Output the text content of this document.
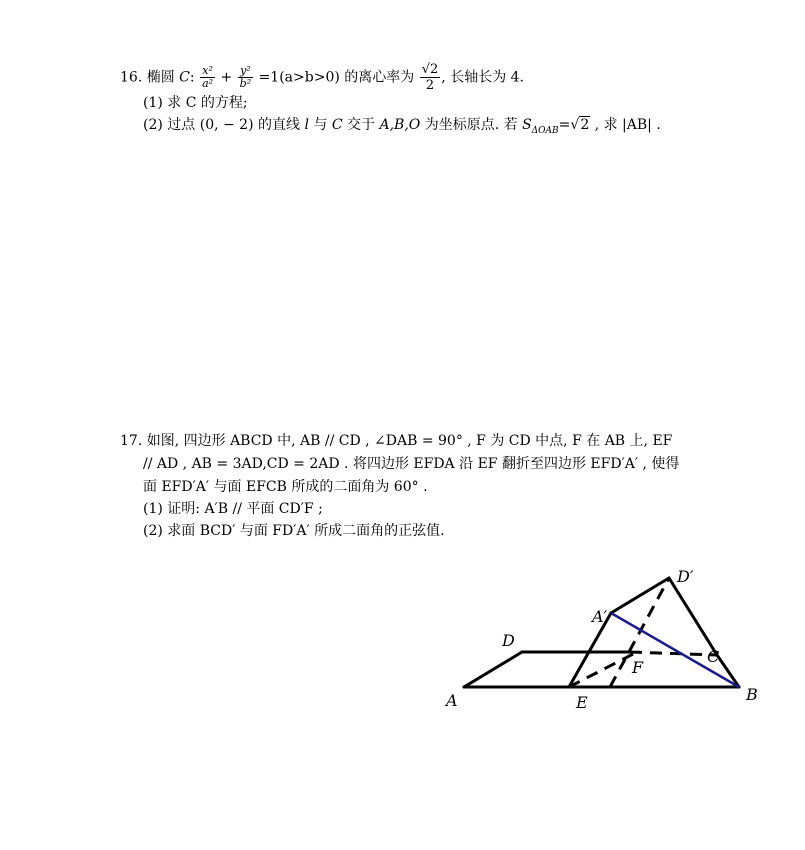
16. 椭圆 C: $\frac{\text{x²}}{\text{a²}} + \frac{\text{y²}}{\text{b²}} =1(a>b>0)$ 的离心率为 $\frac{√2}{2}$ , 长轴长为 4.
(1) 求 C 的方程;
(2) 过点 (0, − 2) 的直线 l 与 C 交于 A,B,O 为坐标原点. 若 $S_{\Delta OAB}=√2$ , 求 |AB| .
17. 如图, 四边形 ABCD 中, AB // CD , ∠DAB = 90° , F 为 CD 中点, F 在 AB 上, EF
// AD , AB = 3AD,CD = 2AD . 将四边形 EFDA 沿 EF 翻折至四边形 EFD′A′ , 使得
面 EFD′A′ 与面 EFCB 所成的二面角为 60° .
(1) 证明: A′B // 平面 CD′F ;
(2) 求面 BCD′ 与面 FD′A′ 所成二面角的正弦值.
A	B
C
D
E
F
A′
D′
